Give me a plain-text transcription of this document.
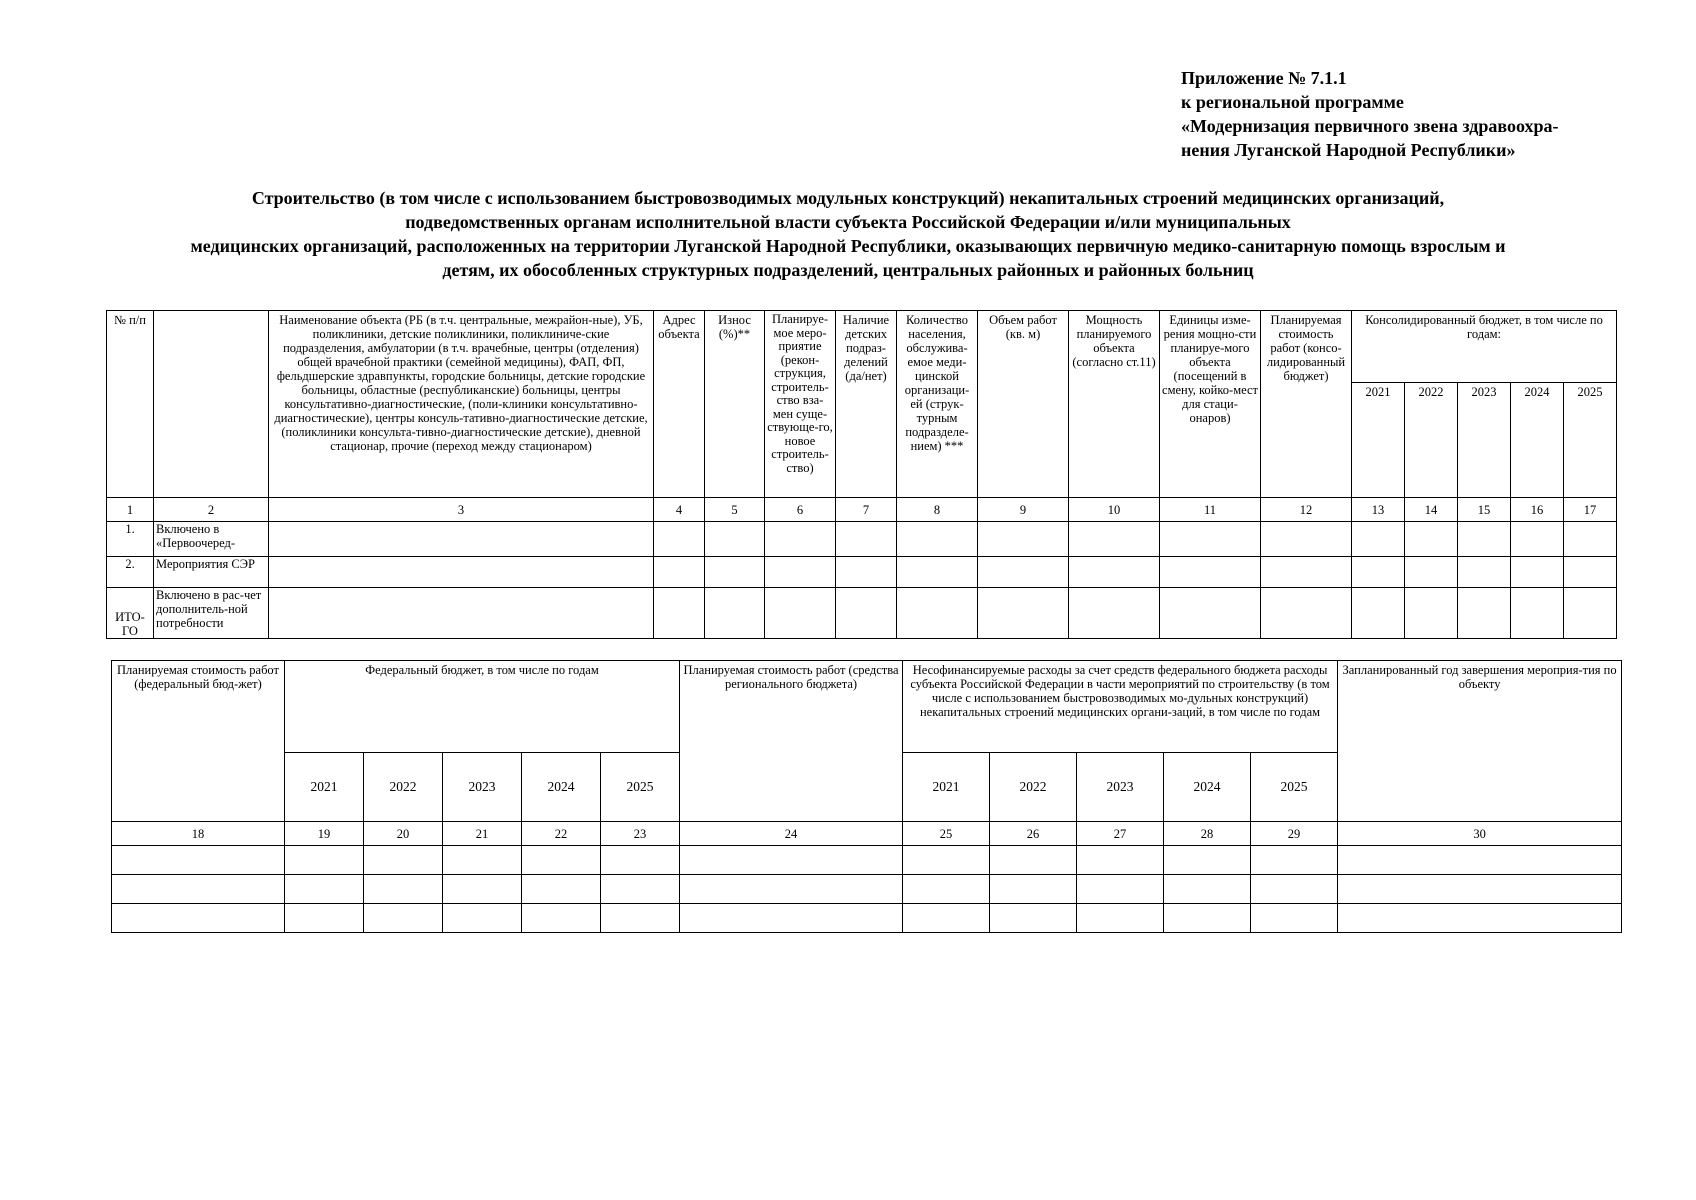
Приложение № 7.1.1
к региональной программе
«Модернизация первичного звена здравоохра-
нения Луганской Народной Республики»
Строительство (в том числе с использованием быстровозводимых модульных конструкций) некапитальных строений медицинских организаций,
подведомственных органам исполнительной власти субъекта Российской Федерации и/или муниципальных
медицинских организаций, расположенных на территории Луганской Народной Республики, оказывающих первичную медико-санитарную помощь взрослым и
детям, их обособленных структурных подразделений, центральных районных и районных больниц
№ п/п		Наименование объекта (РБ (в т.ч. центральные, межрайон-ные), УБ, поликлиники, детские поликлиники, поликлиниче-ские подразделения, амбулатории (в т.ч. врачебные, центры (отделения) общей врачебной практики (семейной медицины), ФАП, ФП, фельдшерские здравпункты, городские больницы, детские городские больницы, областные (республиканские) больницы, центры консультативно-диагностические, (поли-клиники консультативно-диагностические), центры консуль-тативно-диагностические детские, (поликлиники консульта-тивно-диагностические детские), дневной стационар, прочие (переход между стационаром)	Адрес объекта	Износ (%)**	Планируе-мое меро-приятие (рекон-струкция, строитель-ство вза-мен суще-ствующе-го, новое строитель-ство)	Наличие детских подраз-делений (да/нет)	Количество населения, обслужива-емое меди-цинской организаци-ей (струк-турным подразделе-нием) ***	Объем работ (кв. м)	Мощность планируемого объекта (согласно ст.11)	Единицы изме-рения мощно-сти планируе-мого объекта (посещений в смену, койко-мест для стаци-онаров)	Планируемая стоимость работ (консо-лидированный бюджет)	Консолидированный бюджет, в том числе по годам:				
												2021	2022	2023	2024	2025
1	2	3	4	5	6	7	8	9	10	11	12	13	14	15	16	17
1.	Включено в «Первоочеред-															
2.	Мероприятия СЭР															
ИТО-ГО	Включено в рас-чет дополнитель-ной потребности															
Планируемая стоимость работ (федеральный бюд-жет)	Федеральный бюджет, в том числе по годам					Планируемая стоимость работ (средства регионального бюджета)	Несофинансируемые расходы за счет средств федерального бюджета расходы субъекта Российской Федерации в части мероприятий по строительству (в том числе с использованием быстровозводимых мо-дульных конструкций) некапитальных строений медицинских органи-заций, в том числе по годам					Запланированный год завершения мероприя-тия по объекту
	2021	2022	2023	2024	2025		2021	2022	2023	2024	2025	
18	19	20	21	22	23	24	25	26	27	28	29	30
